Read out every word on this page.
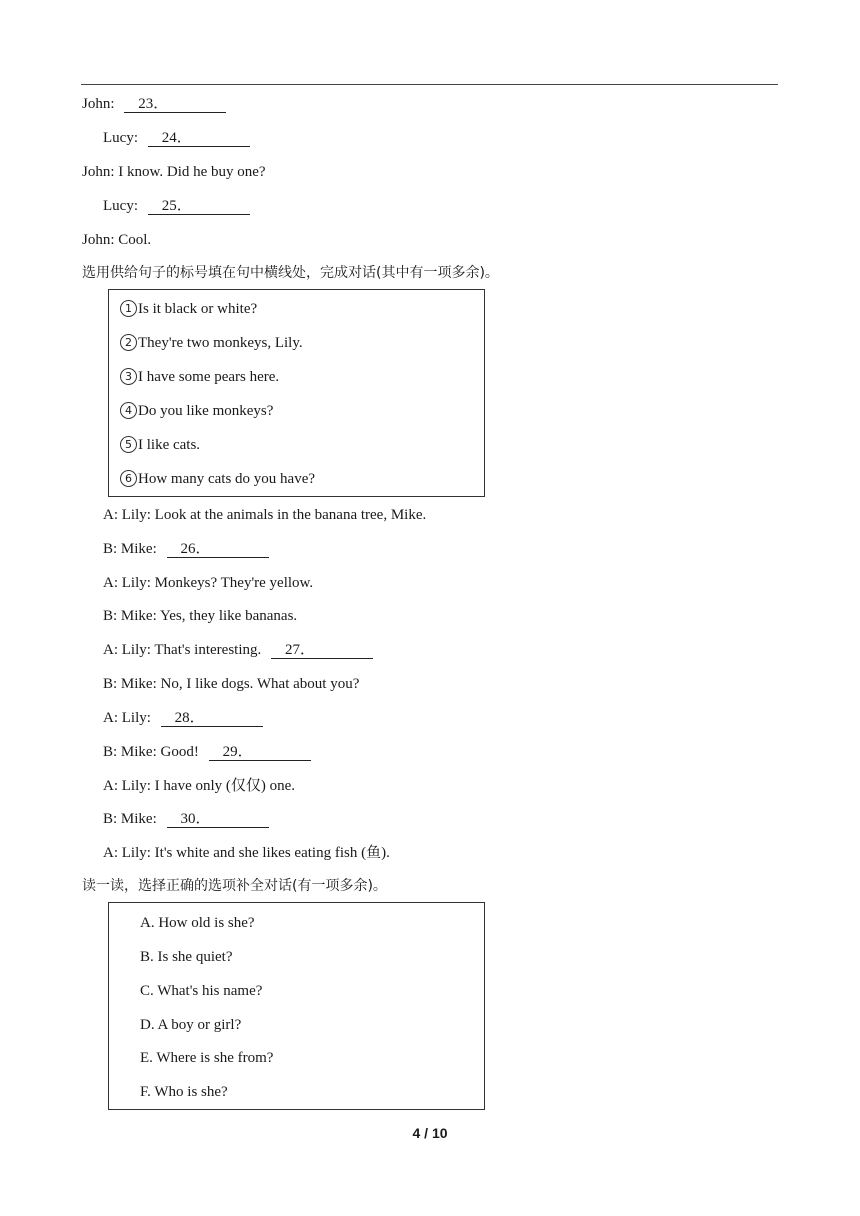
John: 23．
Lucy: 24．
John: I know. Did he buy one?
Lucy: 25．
John: Cool.
选用供给句子的标号填在句中横线处，完成对话(其中有一项多余)。
1 Is it black or white?
2 They're two monkeys, Lily.
3 I have some pears here.
4 Do you like monkeys?
5 I like cats.
6 How many cats do you have?
A: Lily: Look at the animals in the banana tree, Mike.
B: Mike: 26．
A: Lily: Monkeys? They're yellow.
B: Mike: Yes, they like bananas.
A: Lily: That's interesting. 27．
B: Mike: No, I like dogs. What about you?
A: Lily: 28．
B: Mike: Good! 29．
A: Lily: I have only (仅仅) one.
B: Mike: 30．
A: Lily: It's white and she likes eating fish (鱼).
读一读，选择正确的选项补全对话(有一项多余)。
A. How old is she?
B. Is she quiet?
C. What's his name?
D. A boy or girl?
E. Where is she from?
F. Who is she?
4 / 10
